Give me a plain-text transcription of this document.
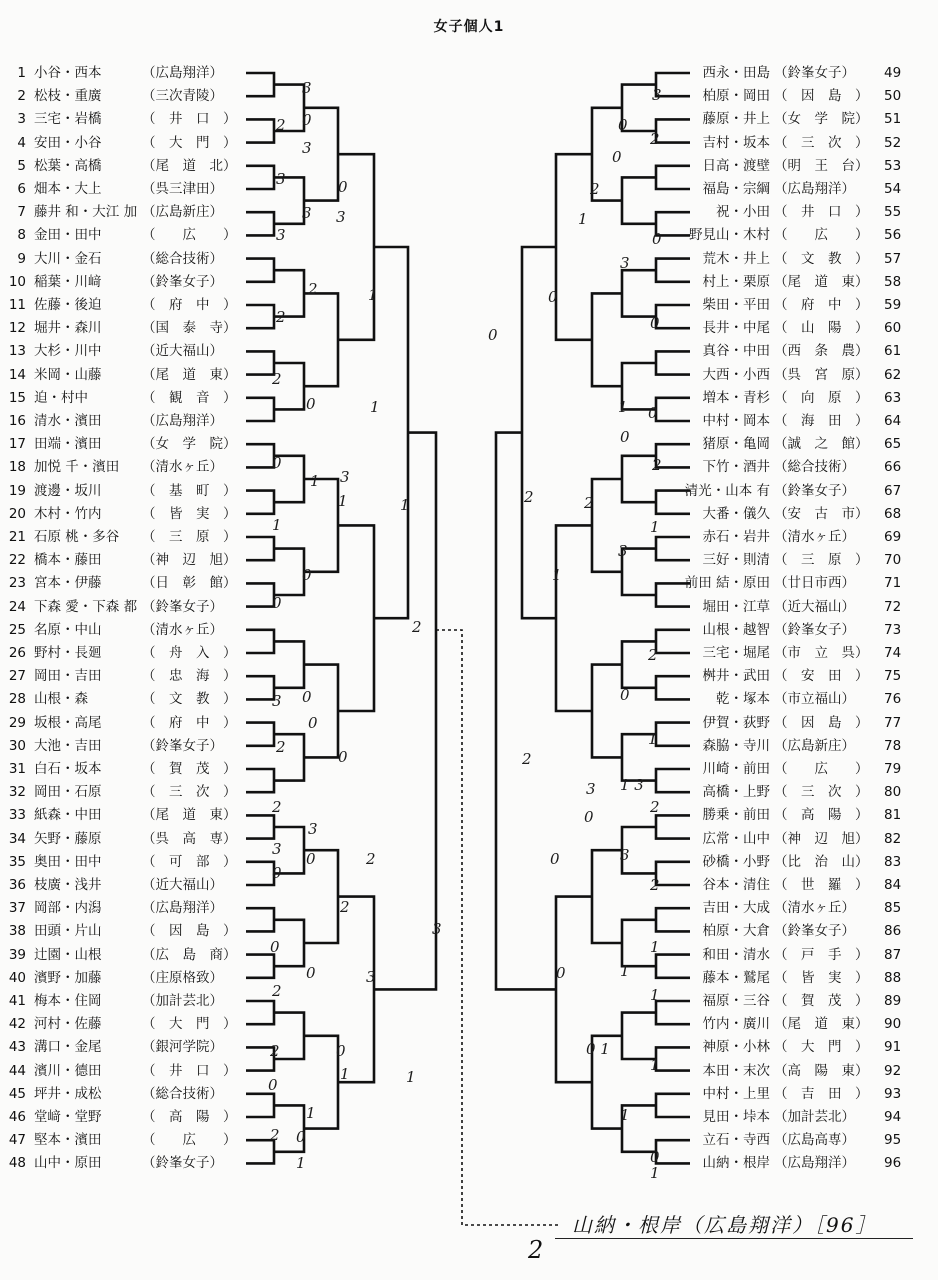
女子個人1
1 小谷・西本	（広島翔洋）
2 松枝・重廣	（三次青陵）
3 三宅・岩橋	（　井　口　）
4 安田・小谷	（　大　門　）
5 松葉・高橋	（尾　道　北）
6 畑本・大上	（呉三津田）
7 藤井 和・大江 加 （広島新庄）
8 金田・田中	（　　広　　）
9 大川・金石	（総合技術）
10 稲葉・川﨑	（鈴峯女子）
11 佐藤・後迫	（　府　中　）
12 堀井・森川	（国　泰　寺）
13 大杉・川中	（近大福山）
14 米岡・山藤	（尾　道　東）
15 迫・村中	（　観　音　）
16 清水・濱田	（広島翔洋）
17 田端・濱田	（女　学　院）
18 加悦 千・濱田 （清水ヶ丘）
19 渡邊・坂川	（　基　町　）
20 木村・竹内	（　皆　実　）
21 石原 桃・多谷 （　三　原　）
22 橋本・藤田	（神　辺　旭）
23 宮本・伊藤	（日　彰　館）
24 下森 愛・下森 都 （鈴峯女子）
25 名原・中山	（清水ヶ丘）
26 野村・長廻	（　舟　入　）
27 岡田・吉田	（　忠　海　）
28 山根・森	（　文　教　）
29 坂根・高尾	（　府　中　）
30 大池・吉田	（鈴峯女子）
31 白石・坂本	（　賀　茂　）
32 岡田・石原	（　三　次　）
33 紙森・中田	（尾　道　東）
34 矢野・藤原	（呉　高　専）
35 奥田・田中	（　可　部　）
36 枝廣・浅井	（近大福山）
37 岡部・内潟	（広島翔洋）
38 田頭・片山	（　因　島　）
39 辻園・山根	（広　島　商）
40 濱野・加藤	（庄原格致）
41 梅本・住岡	（加計芸北）
42 河村・佐藤	（　大　門　）
43 溝口・金尾	（銀河学院）
44 濱川・德田	（　井　口　）
45 坪井・成松	（総合技術）
46 堂﨑・堂野	（　高　陽　）
47 堅本・濱田	（　　広　　）
48 山中・原田	（鈴峯女子）
西永・田島 （鈴峯女子） 49
柏原・岡田 （　因　島　） 50
藤原・井上 （女　学　院） 51
吉村・坂本 （　三　次　） 52
日高・渡壁 （明　王　台） 53
福島・宗綱 （広島翔洋） 54
祝・小田 （　井　口　） 55
野見山・木村 （　　広　　） 56
荒木・井上 （　文　教　） 57
村上・栗原 （尾　道　東） 58
柴田・平田 （　府　中　） 59
長井・中尾 （　山　陽　） 60
真谷・中田 （西　条　農） 61
大西・小西 （呉　宮　原） 62
増本・青杉 （　向　原　） 63
中村・岡本 （　海　田　） 64
猪原・亀岡 （誠　之　館） 65
下竹・酒井 （総合技術） 66
清光・山本 有 （鈴峯女子） 67
大番・儀久 （安　古　市） 68
赤石・岩井 （清水ヶ丘） 69
三好・則清 （　三　原　） 70
前田 結・原田 （廿日市西） 71
堀田・江草 （近大福山） 72
山根・越智 （鈴峯女子） 73
三宅・堀尾 （市　立　呉） 74
桝井・武田 （　安　田　） 75
乾・塚本 （市立福山） 76
伊賀・荻野 （　因　島　） 77
森脇・寺川 （広島新庄） 78
川崎・前田 （　　広　　） 79
高橋・上野 （　三　次　） 80
勝乗・前田 （　高　陽　） 81
広常・山中 （神　辺　旭） 82
砂橋・小野 （比　治　山） 83
谷本・清住 （　世　羅　） 84
吉田・大成 （清水ヶ丘） 85
柏原・大倉 （鈴峯女子） 86
和田・清水 （　戸　手　） 87
藤本・鷲尾 （　皆　実　） 88
福原・三谷 （　賀　茂　） 89
竹内・廣川 （尾　道　東） 90
神原・小林 （　大　門　） 91
本田・末次 （高　陽　東） 92
中村・上里 （　吉　田　） 93
見田・垰本 （加計芸北） 94
立石・寺西 （広島高専） 95
山納・根岸 （広島翔洋） 96
3
2 0
3
3	0
3 3
3
1
2
2
2
0	1
0
3
1
1
1
1
0
0
2
0
3
0
2
0
2
3
3
0	2
0
2
3
0
0	3
2
0
2
1	1
0
1
2 0
1
3
0
2
0
2
1
0
3
0
0
0
1 0
0
2
2	2
1
3
1
2
0
1
2
3 1 3
2
0
0	3
2
1
0	1
1
0 1
1
1
0
1
山納・根岸（広島翔洋）［96］
2
